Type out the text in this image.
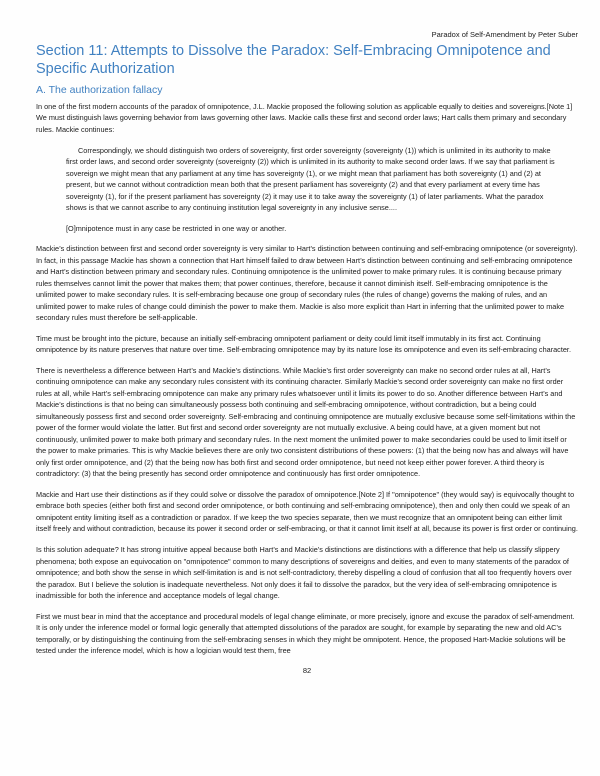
Paradox of Self-Amendment by Peter Suber
Section 11: Attempts to Dissolve the Paradox: Self-Embracing Omnipotence and Specific Authorization
A. The authorization fallacy

In one of the first modern accounts of the paradox of omnipotence, J.L. Mackie proposed the following solution as applicable equally to deities and sovereigns.[Note 1] We must distinguish laws governing behavior from laws governing other laws. Mackie calls these first and second order laws; Hart calls them primary and secondary rules. Mackie continues:

Correspondingly, we should distinguish two orders of sovereignty, first order sovereignty (sovereignty (1)) which is unlimited in its authority to make first order laws, and second order sovereignty (sovereignty (2)) which is unlimited in its authority to make second order laws. If we say that parliament is sovereign we might mean that any parliament at any time has sovereignty (1), or we might mean that parliament has both sovereignty (1) and (2) at present, but we cannot without contradiction mean both that the present parliament has sovereignty (2) and that every parliament at every time has sovereignty (1), for if the present parliament has sovereignty (2) it may use it to take away the sovereignty (1) of later parliaments. What the paradox shows is that we cannot ascribe to any continuing institution legal sovereignty in any inclusive sense....

[O]mnipotence must in any case be restricted in one way or another.

Mackie’s distinction between first and second order sovereignty is very similar to Hart’s distinction between continuing and self-embracing omnipotence (or sovereignty). In fact, in this passage Mackie has shown a connection that Hart himself failed to draw between Hart’s distinction between continuing and self-embracing omnipotence and Hart’s distinction between primary and secondary rules. Continuing omnipotence is the unlimited power to make primary rules. It is continuing because primary rules themselves cannot limit the power that makes them; that power continues, therefore, because it cannot diminish itself. Self-embracing omnipotence is the unlimited power to make secondary rules. It is self-embracing because one group of secondary rules (the rules of change) governs the making of rules, and an unlimited power to make rules of change could diminish the power to make them. Mackie is also more explicit than Hart in inferring that the unlimited power to make secondary rules must therefore be self-applicable.

Time must be brought into the picture, because an initially self-embracing omnipotent parliament or deity could limit itself immutably in its first act. Continuing omnipotence by its nature preserves that nature over time. Self-embracing omnipotence may by its nature lose its omnipotence and even its self-embracing character.

There is nevertheless a difference between Hart’s and Mackie’s distinctions. While Mackie’s first order sovereignty can make no second order rules at all, Hart’s continuing omnipotence can make any secondary rules consistent with its continuing character. Similarly Mackie’s second order sovereignty can make no first order rules at all, while Hart’s self-embracing omnipotence can make any primary rules whatsoever until it limits its power to do so. Another difference between Hart’s and Mackie’s distinctions is that no being can simultaneously possess both continuing and self-embracing omnipotence, without contradiction, but a being could simultaneously possess first and second order sovereignty. Self-embracing and continuing omnipotence are mutually exclusive because some self-limitations within the power of the former would violate the latter. But first and second order sovereignty are not mutually exclusive. A being could have, at a given moment but not continuously, unlimited power to make both primary and secondary rules. In the next moment the unlimited power to make secondaries could be used to limit itself or the power to make primaries. This is why Mackie believes there are only two consistent distributions of these powers: (1) that the being now has and always will have only first order omnipotence, and (2) that the being now has both first and second order omnipotence, but need not keep either power forever. A third theory is contradictory: (3) that the being presently has second order omnipotence and continuously has first order omnipotence.

Mackie and Hart use their distinctions as if they could solve or dissolve the paradox of omnipotence.[Note 2] If "omnipotence" (they would say) is equivocally thought to embrace both species (either both first and second order omnipotence, or both continuing and self-embracing omnipotence), then and only then could we speak of an omnipotent entity limiting itself as a contradiction or paradox. If we keep the two species separate, then we must recognize that an omnipotent being can either limit itself freely and without contradiction, because its power it second order or self-embracing, or that it cannot limit itself at all, because its power is first order or continuing.

Is this solution adequate? It has strong intuitive appeal because both Hart’s and Mackie’s distinctions are distinctions with a difference that help us classify slippery phenomena; both expose an equivocation on "omnipotence" common to many descriptions of sovereigns and deities, and even to many statements of the paradox of omnipotence; and both show the sense in which self-limitation is and is not self-contradictory, thereby dispelling a cloud of confusion that all too frequently hovers over the paradox. But I believe the solution is inadequate nevertheless. Not only does it fail to dissolve the paradox, but the very idea of self-embracing omnipotence is inadmissible for both the inference and acceptance models of legal change.

First we must bear in mind that the acceptance and procedural models of legal change eliminate, or more precisely, ignore and excuse the paradox of self-amendment. It is only under the inference model or formal logic generally that attempted dissolutions of the paradox are sought, for example by separating the new and old AC’s temporally, or by distinguishing the continuing from the self-embracing senses in which they might be omnipotent. Hence, the proposed Hart-Mackie solutions will be tested under the inference model, which is how a logician would test them, free

82
